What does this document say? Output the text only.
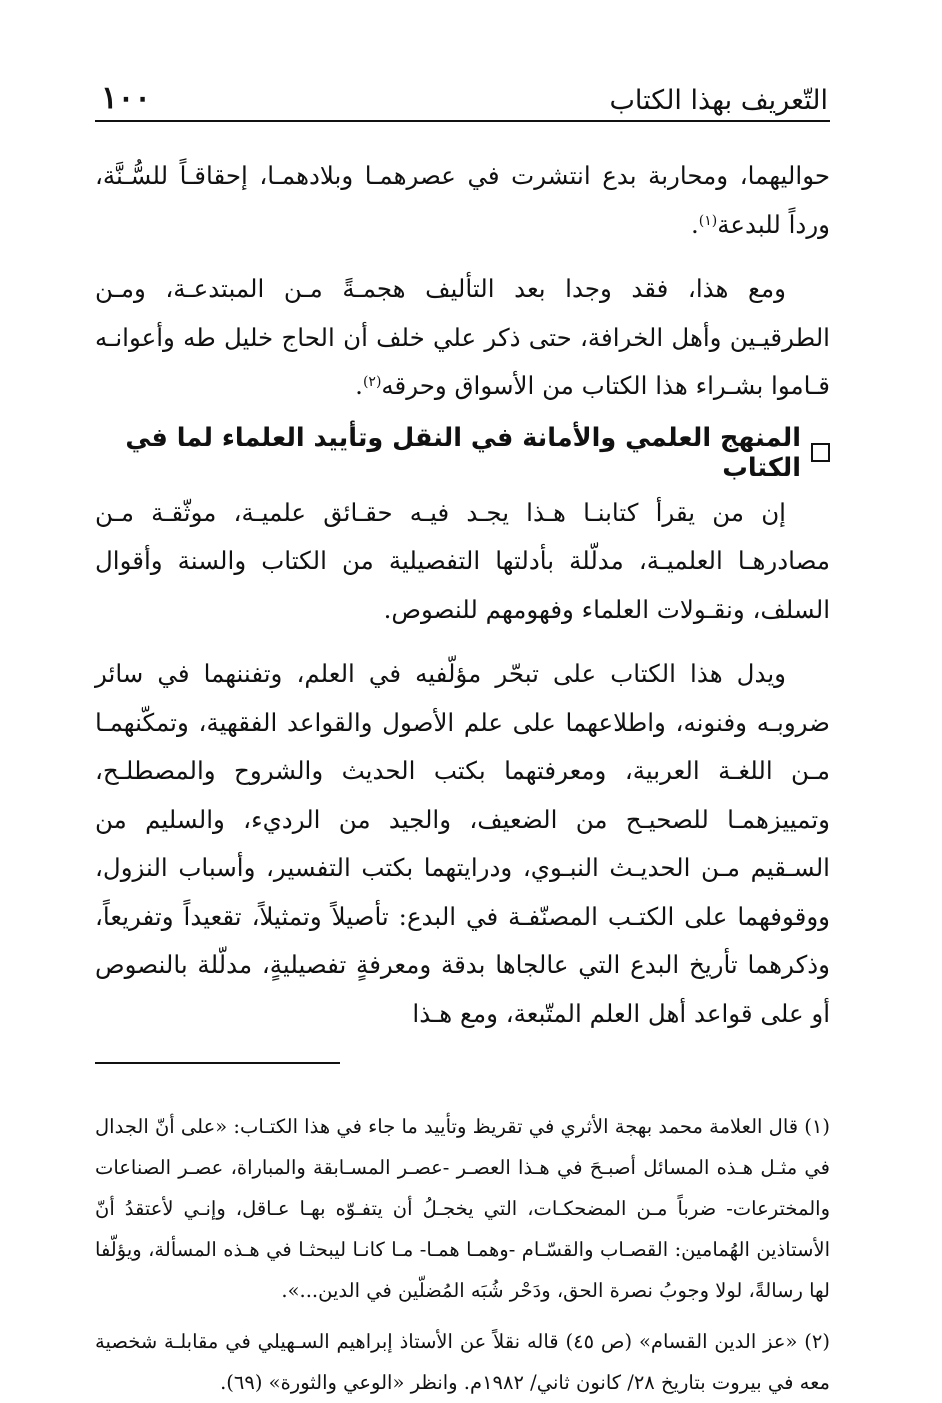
التّعريف بهذا الكتاب
١٠٠

حواليهما، ومحاربة بدع انتشرت في عصرهمـا وبلادهمـا، إحقاقـاً للسُّـنَّة، ورداً للبدعة$^{(١)}$.

ومع هذا، فقد وجدا بعد التأليف هجمـةً مـن المبتدعـة، ومـن الطرقيـين وأهل الخرافة، حتى ذكر علي خلف أن الحاج خليل طه وأعوانـه قـاموا بشـراء هذا الكتاب من الأسواق وحرقه$^{(٢)}$.

المنهج العلمي والأمانة في النقل وتأييد العلماء لما في الكتاب

إن من يقرأ كتابنـا هـذا يجـد فيـه حقـائق علميـة، موثّقـة مـن مصادرهـا العلميـة، مدلّلة بأدلتها التفصيلية من الكتاب والسنة وأقوال السلف، ونقـولات العلماء وفهومهم للنصوص.

ويدل هذا الكتاب على تبحّر مؤلّفيه في العلم، وتفننهما في سائر ضروبـه وفنونه، واطلاعهما على علم الأصول والقواعد الفقهية، وتمكّنهمـا مـن اللغـة العربية، ومعرفتهما بكتب الحديث والشروح والمصطلـح، وتمييزهمـا للصحيـح من الضعيف، والجيد من الرديء، والسليم من السـقيم مـن الحديـث النبـوي، ودرايتهما بكتب التفسير، وأسباب النزول، ووقوفهما على الكتـب المصنّفـة في البدع: تأصيلاً وتمثيلاً، تقعيداً وتفريعاً، وذكرهما تأريخ البدع التي عالجاها بدقة ومعرفةٍ تفصيليةٍ، مدلّلة بالنصوص أو على قواعد أهل العلم المتّبعة، ومع هـذا

(١) قال العلامة محمد بهجة الأثري في تقريظ وتأييد ما جاء في هذا الكتـاب: «على أنّ الجدال في مثـل هـذه المسائل أصبـحَ في هـذا العصـر -عصـر المسـابقة والمباراة، عصـر الصناعات والمخترعات- ضرباً مـن المضحكـات، التي يخجـلُ أن يتفـوّه بهـا عـاقل، وإنـي لأعتقدُ أنّ الأستاذين الهُمامين: القصـاب والقسّـام -وهمـا همـا- مـا كانـا ليبحثـا في هـذه المسألة، ويؤلّفا لها رسالةً، لولا وجوبُ نصرة الحق، ودَحْر شُبَه المُضلّين في الدين...».

(٢) «عز الدين القسام» (ص ٤٥) قاله نقلاً عن الأستاذ إبراهيم السـهيلي في مقابلـة شخصية معه في بيروت بتاريخ ٢٨/ كانون ثاني/ ١٩٨٢م. وانظر «الوعي والثورة» (٦٩).
